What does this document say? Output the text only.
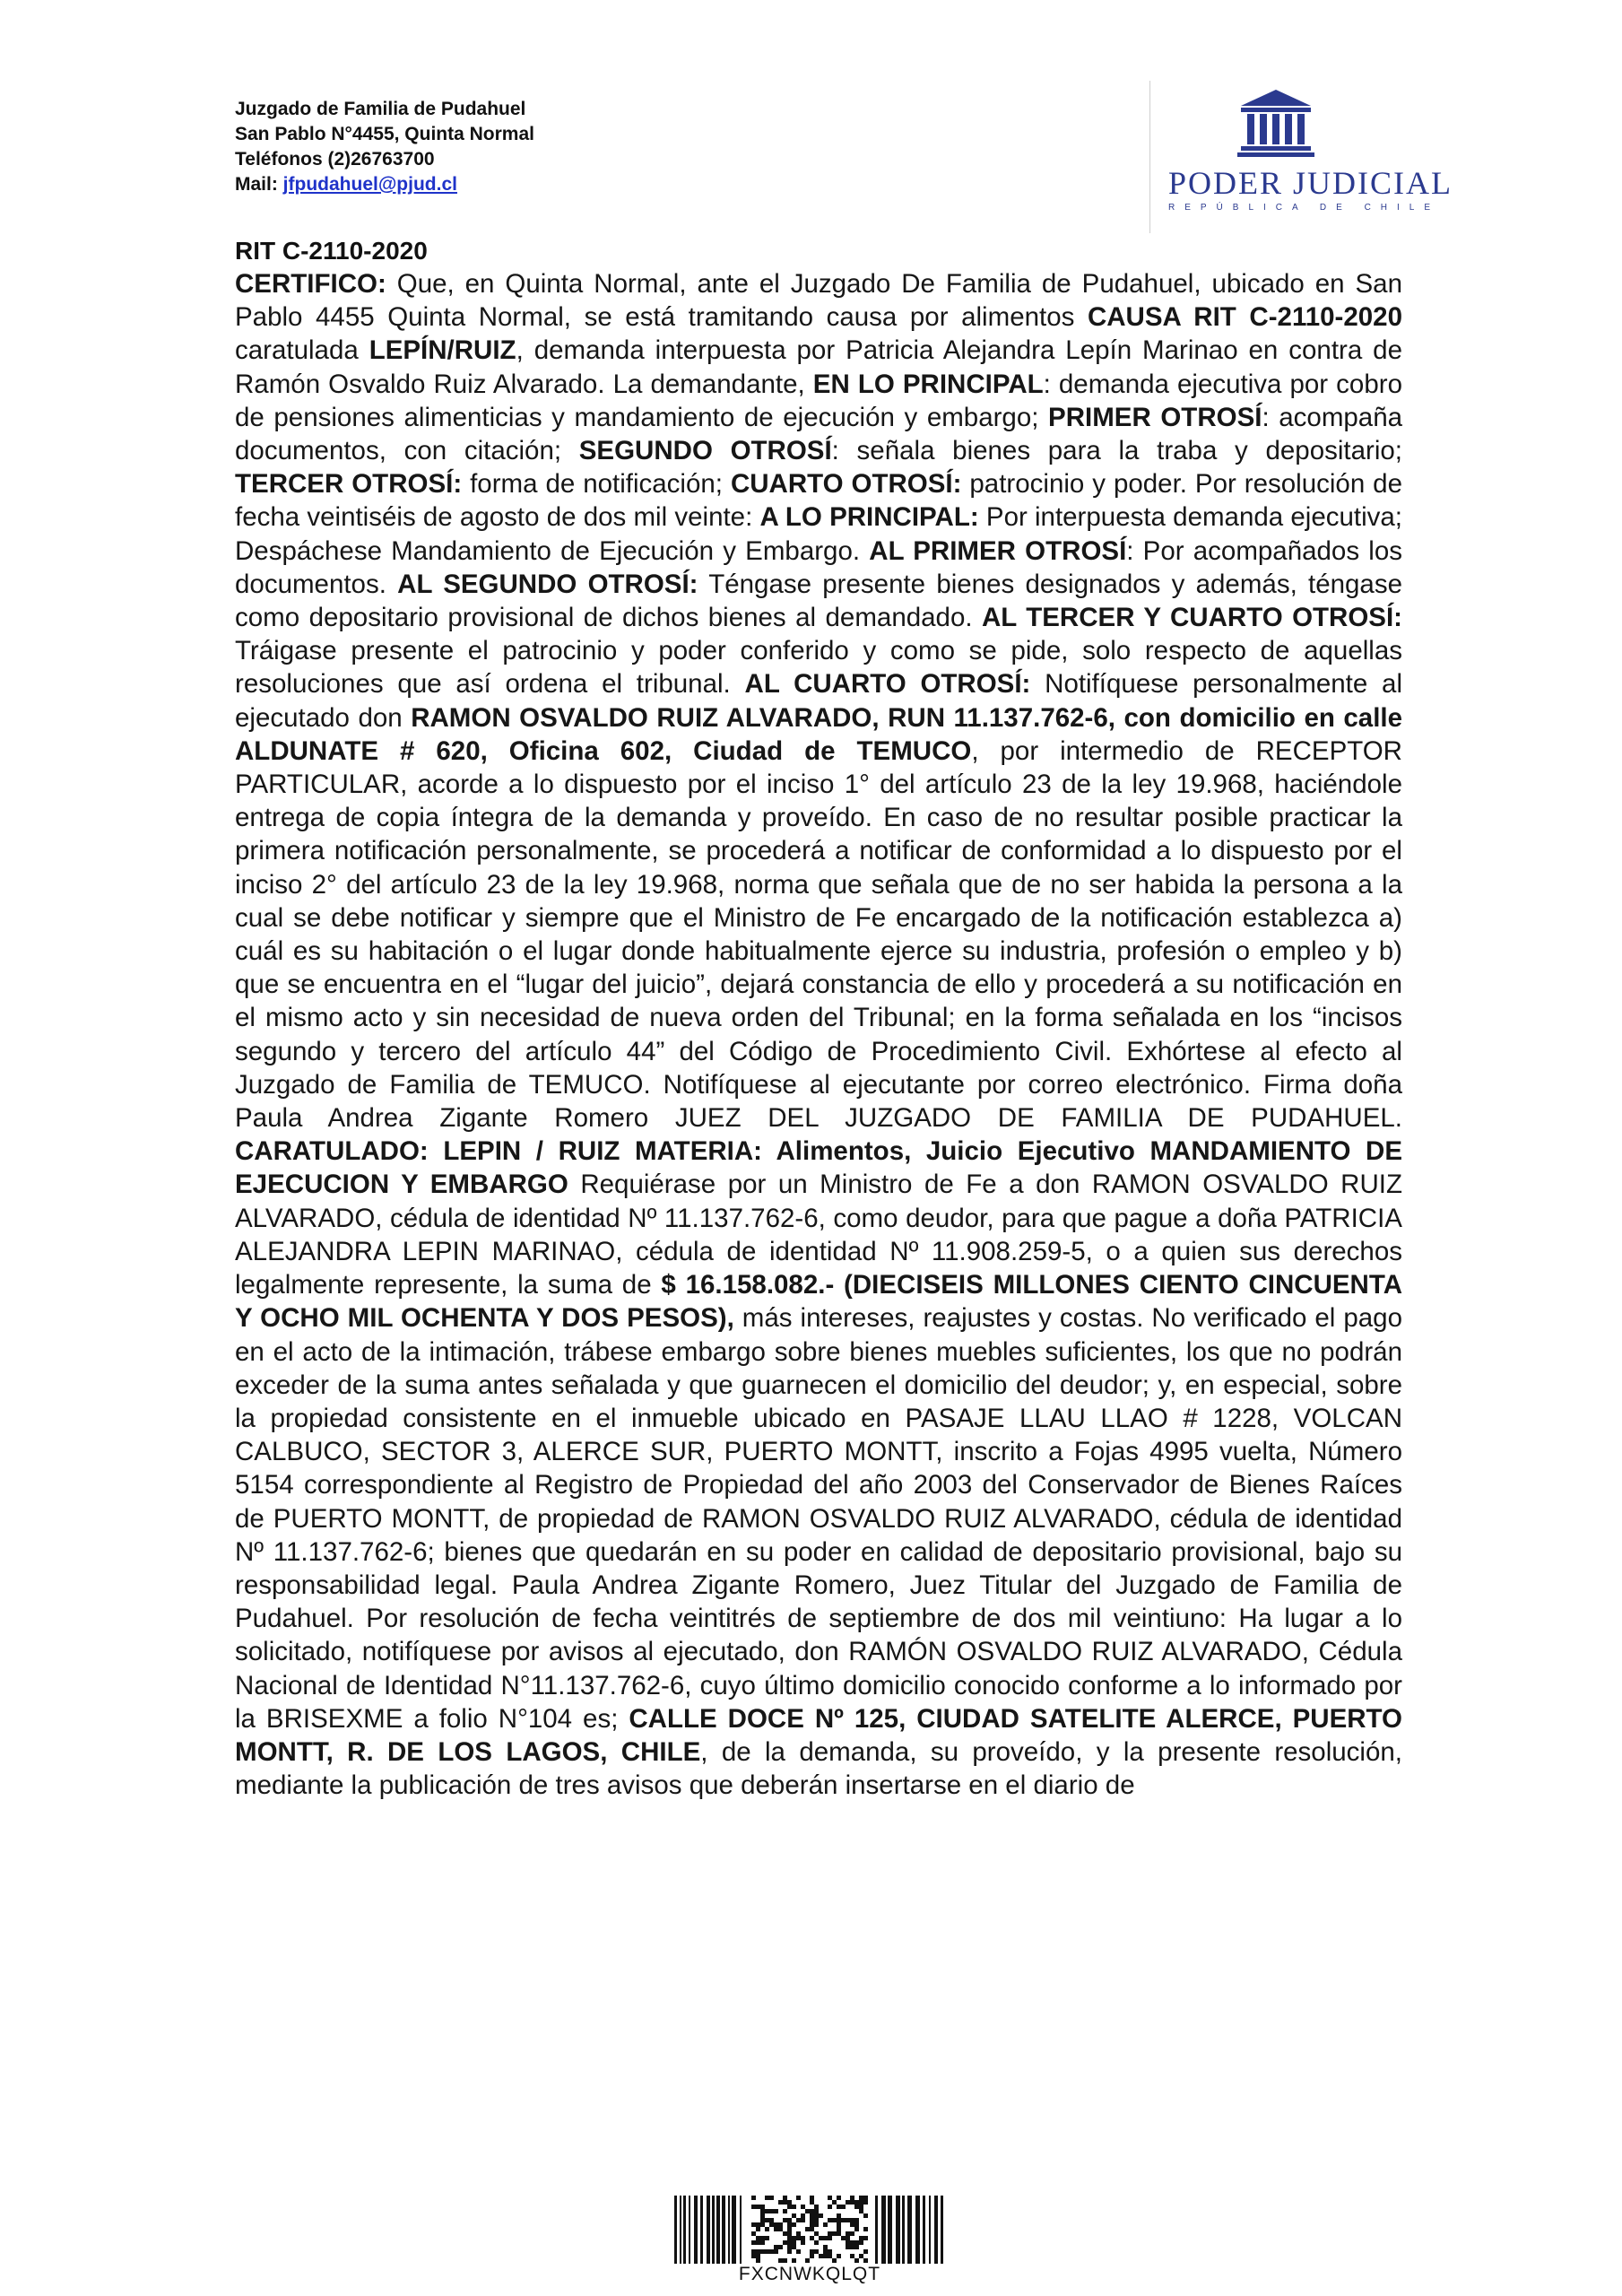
Juzgado de Familia de Pudahuel
San Pablo N°4455, Quinta Normal
Teléfonos (2)26763700
Mail: jfpudahuel@pjud.cl	PODER JUDICIAL
REPÚBLICA DE CHILE
RIT C-2110-2020
CERTIFICO: Que, en Quinta Normal, ante el Juzgado De Familia de Pudahuel, ubicado en San Pablo 4455 Quinta Normal, se está tramitando causa por alimentos CAUSA RIT C-2110-2020 caratulada LEPÍN/RUIZ, demanda interpuesta por Patricia Alejandra Lepín Marinao en contra de Ramón Osvaldo Ruiz Alvarado. La demandante, EN LO PRINCIPAL: demanda ejecutiva por cobro de pensiones alimenticias y mandamiento de ejecución y embargo; PRIMER OTROSÍ: acompaña documentos, con citación; SEGUNDO OTROSÍ: señala bienes para la traba y depositario; TERCER OTROSÍ: forma de notificación; CUARTO OTROSÍ: patrocinio y poder. Por resolución de fecha veintiséis de agosto de dos mil veinte: A LO PRINCIPAL: Por interpuesta demanda ejecutiva; Despáchese Mandamiento de Ejecución y Embargo. AL PRIMER OTROSÍ: Por acompañados los documentos. AL SEGUNDO OTROSÍ: Téngase presente bienes designados y además, téngase como depositario provisional de dichos bienes al demandado. AL TERCER Y CUARTO OTROSÍ: Tráigase presente el patrocinio y poder conferido y como se pide, solo respecto de aquellas resoluciones que así ordena el tribunal. AL CUARTO OTROSÍ: Notifíquese personalmente al ejecutado don RAMON OSVALDO RUIZ ALVARADO, RUN 11.137.762-6, con domicilio en calle ALDUNATE # 620, Oficina 602, Ciudad de TEMUCO, por intermedio de RECEPTOR PARTICULAR, acorde a lo dispuesto por el inciso 1° del artículo 23 de la ley 19.968, haciéndole entrega de copia íntegra de la demanda y proveído. En caso de no resultar posible practicar la primera notificación personalmente, se procederá a notificar de conformidad a lo dispuesto por el inciso 2° del artículo 23 de la ley 19.968, norma que señala que de no ser habida la persona a la cual se debe notificar y siempre que el Ministro de Fe encargado de la notificación establezca a) cuál es su habitación o el lugar donde habitualmente ejerce su industria, profesión o empleo y b) que se encuentra en el “lugar del juicio”, dejará constancia de ello y procederá a su notificación en el mismo acto y sin necesidad de nueva orden del Tribunal; en la forma señalada en los “incisos segundo y tercero del artículo 44” del Código de Procedimiento Civil. Exhórtese al efecto al Juzgado de Familia de TEMUCO. Notifíquese al ejecutante por correo electrónico. Firma doña Paula Andrea Zigante Romero JUEZ DEL JUZGADO DE FAMILIA DE PUDAHUEL. CARATULADO: LEPIN / RUIZ MATERIA: Alimentos, Juicio Ejecutivo MANDAMIENTO DE EJECUCION Y EMBARGO Requiérase por un Ministro de Fe a don RAMON OSVALDO RUIZ ALVARADO, cédula de identidad Nº 11.137.762-6, como deudor, para que pague a doña PATRICIA ALEJANDRA LEPIN MARINAO, cédula de identidad Nº 11.908.259-5, o a quien sus derechos legalmente represente, la suma de $ 16.158.082.- (DIECISEIS MILLONES CIENTO CINCUENTA Y OCHO MIL OCHENTA Y DOS PESOS), más intereses, reajustes y costas. No verificado el pago en el acto de la intimación, trábese embargo sobre bienes muebles suficientes, los que no podrán exceder de la suma antes señalada y que guarnecen el domicilio del deudor; y, en especial, sobre la propiedad consistente en el inmueble ubicado en PASAJE LLAU LLAO # 1228, VOLCAN CALBUCO, SECTOR 3, ALERCE SUR, PUERTO MONTT, inscrito a Fojas 4995 vuelta, Número 5154 correspondiente al Registro de Propiedad del año 2003 del Conservador de Bienes Raíces de PUERTO MONTT, de propiedad de RAMON OSVALDO RUIZ ALVARADO, cédula de identidad Nº 11.137.762-6; bienes que quedarán en su poder en calidad de depositario provisional, bajo su responsabilidad legal. Paula Andrea Zigante Romero, Juez Titular del Juzgado de Familia de Pudahuel. Por resolución de fecha veintitrés de septiembre de dos mil veintiuno: Ha lugar a lo solicitado, notifíquese por avisos al ejecutado, don RAMÓN OSVALDO RUIZ ALVARADO, Cédula Nacional de Identidad N°11.137.762-6, cuyo último domicilio conocido conforme a lo informado por la BRISEXME a folio N°104 es; CALLE DOCE Nº 125, CIUDAD SATELITE ALERCE, PUERTO MONTT, R. DE LOS LAGOS, CHILE, de la demanda, su proveído, y la presente resolución, mediante la publicación de tres avisos que deberán insertarse en el diario de
FXCNWKQLQT
